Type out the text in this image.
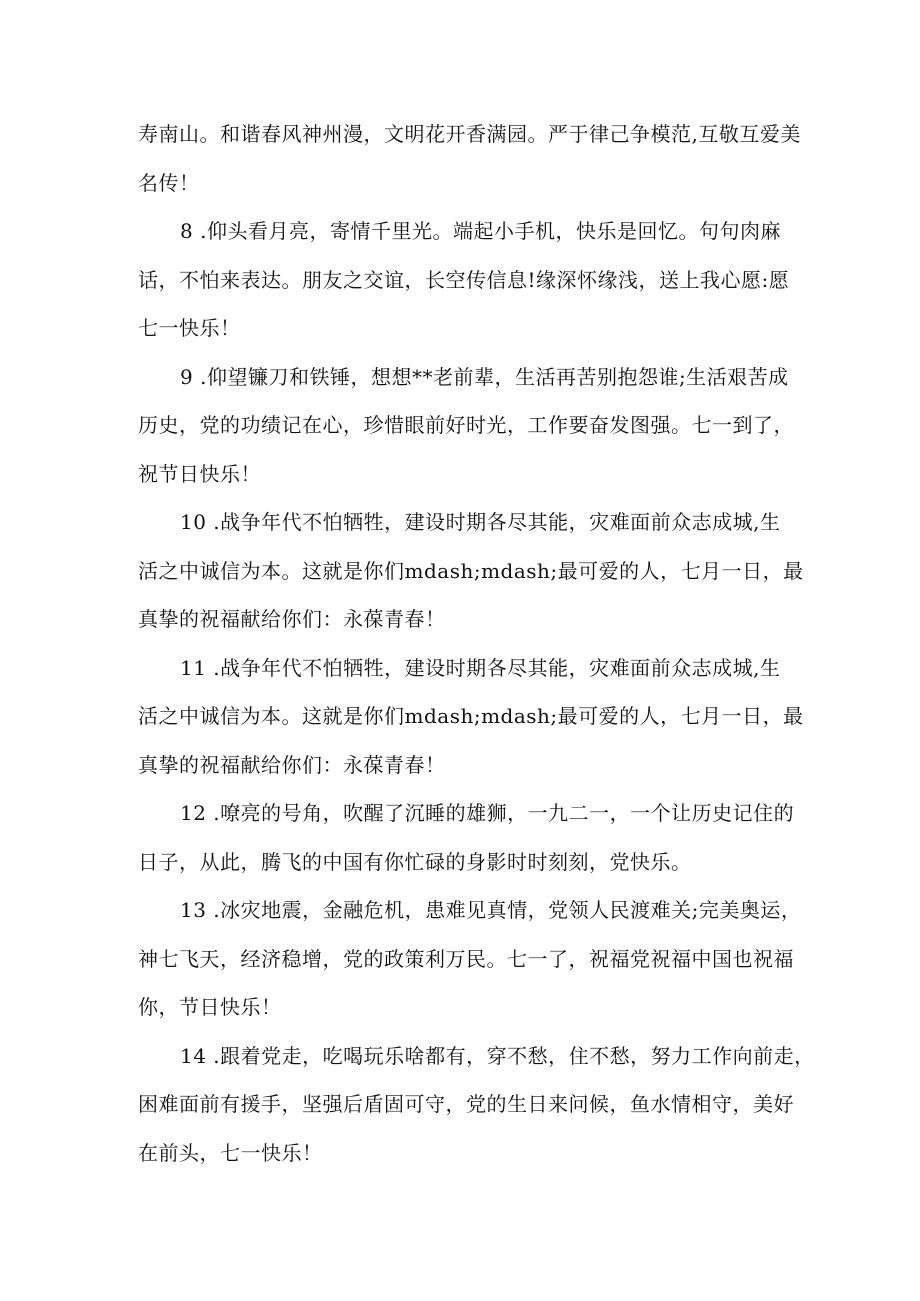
寿南山。和谐春风神州漫，文明花开香满园。严于律己争模范,互敬互爱美
名传！
8 .仰头看月亮，寄情千里光。端起小手机，快乐是回忆。句句肉麻
话，不怕来表达。朋友之交谊，长空传信息!缘深怀缘浅，送上我心愿:愿
七一快乐！
9 .仰望镰刀和铁锤，想想**老前辈，生活再苦别抱怨谁;生活艰苦成
历史，党的功绩记在心，珍惜眼前好时光，工作要奋发图强。七一到了，
祝节日快乐！
10 .战争年代不怕牺牲，建设时期各尽其能，灾难面前众志成城,生
活之中诚信为本。这就是你们mdash;mdash;最可爱的人，七月一日，最
真挚的祝福献给你们：永葆青春！
11 .战争年代不怕牺牲，建设时期各尽其能，灾难面前众志成城,生
活之中诚信为本。这就是你们mdash;mdash;最可爱的人，七月一日，最
真挚的祝福献给你们：永葆青春！
12 .嘹亮的号角，吹醒了沉睡的雄狮，一九二一，一个让历史记住的
日子，从此，腾飞的中国有你忙碌的身影时时刻刻，党快乐。
13 .冰灾地震，金融危机，患难见真情，党领人民渡难关;完美奥运，
神七飞天，经济稳增，党的政策利万民。七一了，祝福党祝福中国也祝福
你，节日快乐！
14 .跟着党走，吃喝玩乐啥都有，穿不愁，住不愁，努力工作向前走，
困难面前有援手，坚强后盾固可守，党的生日来问候，鱼水情相守，美好
在前头，七一快乐！
